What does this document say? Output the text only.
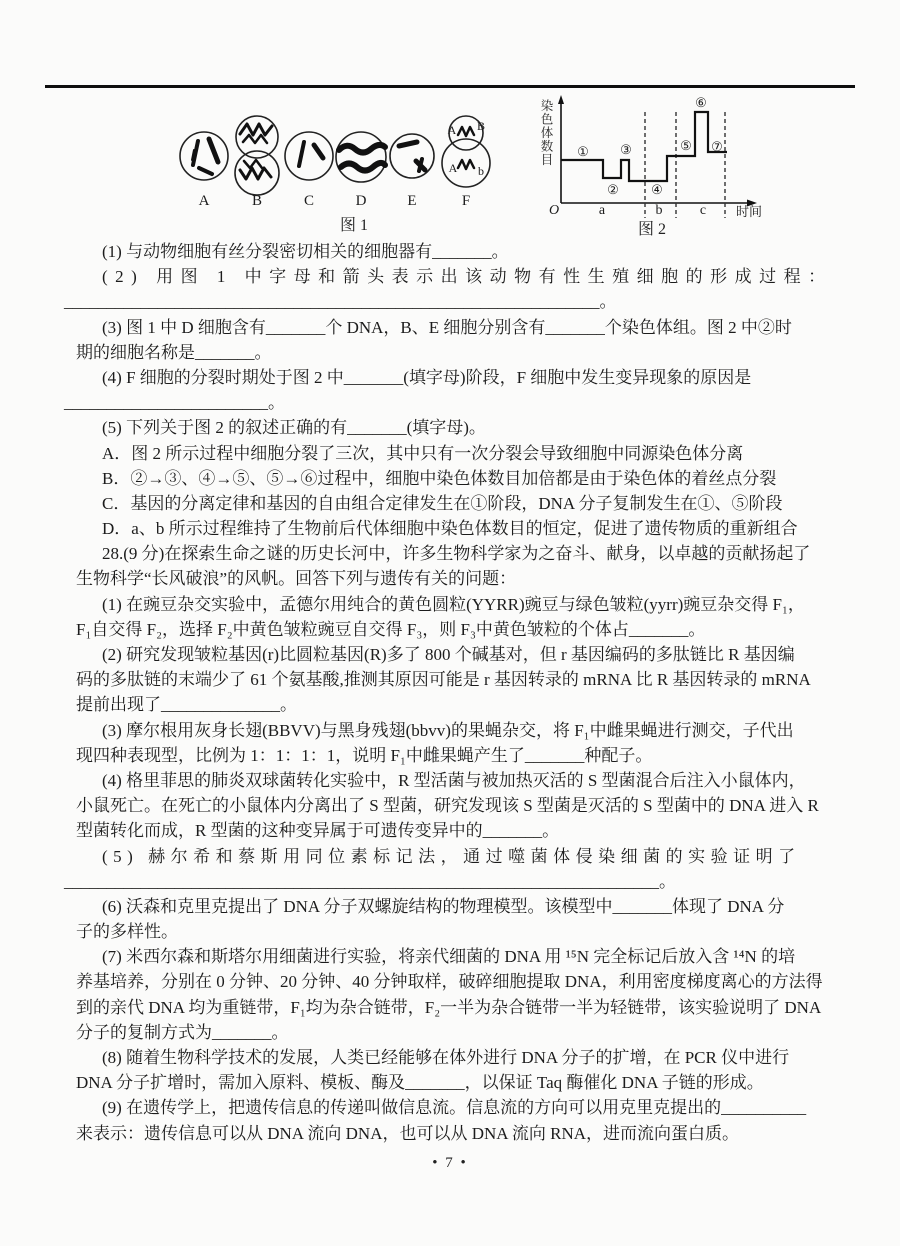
A B
A b
A	B	C	D	E	F
图 1
染色体数目 ①
②
③
④
⑤
⑥
⑦
O	a	b	c 时间
图 2
(1) 与动物细胞有丝分裂密切相关的细胞器有_______。
(2) 用图 1 中字母和箭头表示出该动物有性生殖细胞的形成过程：
_______________________________________________________________。
(3) 图 1 中 D 细胞含有_______个 DNA，B、E 细胞分别含有_______个染色体组。图 2 中②时
期的细胞名称是_______。
(4) F 细胞的分裂时期处于图 2 中_______(填字母)阶段，F 细胞中发生变异现象的原因是
________________________。
(5) 下列关于图 2 的叙述正确的有_______(填字母)。
A．图 2 所示过程中细胞分裂了三次，其中只有一次分裂会导致细胞中同源染色体分离
B．②→③、④→⑤、⑤→⑥过程中，细胞中染色体数目加倍都是由于染色体的着丝点分裂
C．基因的分离定律和基因的自由组合定律发生在①阶段，DNA 分子复制发生在①、⑤阶段
D．a、b 所示过程维持了生物前后代体细胞中染色体数目的恒定，促进了遗传物质的重新组合
28.(9 分)在探索生命之谜的历史长河中，许多生物科学家为之奋斗、献身，以卓越的贡献扬起了
生物科学“长风破浪”的风帆。回答下列与遗传有关的问题：
(1) 在豌豆杂交实验中，孟德尔用纯合的黄色圆粒(YYRR)豌豆与绿色皱粒(yyrr)豌豆杂交得 F₁，
F₁自交得 F₂，选择 F₂中黄色皱粒豌豆自交得 F₃，则 F₃中黄色皱粒的个体占_______。
(2) 研究发现皱粒基因(r)比圆粒基因(R)多了 800 个碱基对，但 r 基因编码的多肽链比 R 基因编
码的多肽链的末端少了 61 个氨基酸,推测其原因可能是 r 基因转录的 mRNA 比 R 基因转录的 mRNA
提前出现了______________。
(3) 摩尔根用灰身长翅(BBVV)与黑身残翅(bbvv)的果蝇杂交，将 F₁中雌果蝇进行测交，子代出
现四种表现型，比例为 1：1：1：1，说明 F₁中雌果蝇产生了_______种配子。
(4) 格里菲思的肺炎双球菌转化实验中，R 型活菌与被加热灭活的 S 型菌混合后注入小鼠体内，
小鼠死亡。在死亡的小鼠体内分离出了 S 型菌，研究发现该 S 型菌是灭活的 S 型菌中的 DNA 进入 R
型菌转化而成，R 型菌的这种变异属于可遗传变异中的_______。
(5) 赫尔希和蔡斯用同位素标记法，通过噬菌体侵染细菌的实验证明了
______________________________________________________________________。
(6) 沃森和克里克提出了 DNA 分子双螺旋结构的物理模型。该模型中_______体现了 DNA 分
子的多样性。
(7) 米西尔森和斯塔尔用细菌进行实验，将亲代细菌的 DNA 用 ¹⁵N 完全标记后放入含 ¹⁴N 的培
养基培养，分别在 0 分钟、20 分钟、40 分钟取样，破碎细胞提取 DNA，利用密度梯度离心的方法得
到的亲代 DNA 均为重链带，F₁均为杂合链带，F₂一半为杂合链带一半为轻链带，该实验说明了 DNA
分子的复制方式为_______。
(8) 随着生物科学技术的发展，人类已经能够在体外进行 DNA 分子的扩增，在 PCR 仪中进行
DNA 分子扩增时，需加入原料、模板、酶及_______，以保证 Taq 酶催化 DNA 子链的形成。
(9) 在遗传学上，把遗传信息的传递叫做信息流。信息流的方向可以用克里克提出的__________
来表示：遗传信息可以从 DNA 流向 DNA，也可以从 DNA 流向 RNA，进而流向蛋白质。
• 7 •
